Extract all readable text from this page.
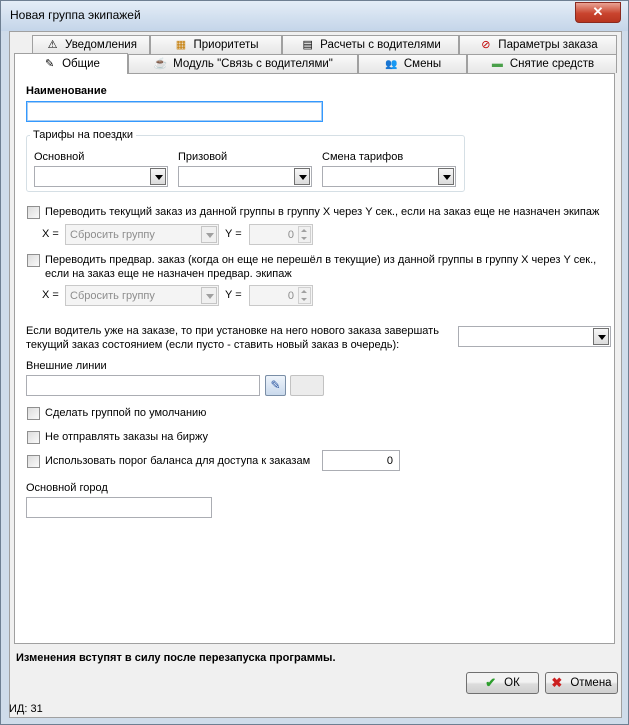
Новая группа экипажей	✕
⚠ Уведомления	▦ Приоритеты	▤ Расчеты с водителями	⊘ Параметры заказа
✎ Общие	☕ Модуль "Связь с водителями"	👥 Смены	▬ Снятие средств
Наименование
Тарифы на поездки
Основной	Призовой	Смена тарифов
Переводить текущий заказ из данной группы в группу X через Y сек., если на заказ еще не назначен экипаж
X = Сбросить группу	Y =	0
Переводить предвар. заказ (когда он еще не перешёл в текущие) из данной группы в группу X через Y сек.,
если на заказ еще не назначен предвар. экипаж
X = Сбросить группу	Y =	0
Если водитель уже на заказе, то при установке на него нового заказа завершать
текущий заказ состоянием (если пусто - ставить новый заказ в очередь):
Внешние линии
✎
Сделать группой по умолчанию
Не отправлять заказы на биржу
Использовать порог баланса для доступа к заказам	0
Основной город
Изменения вступят в силу после перезапуска программы.
✔ ОК ✖ Отмена
ИД: 31
